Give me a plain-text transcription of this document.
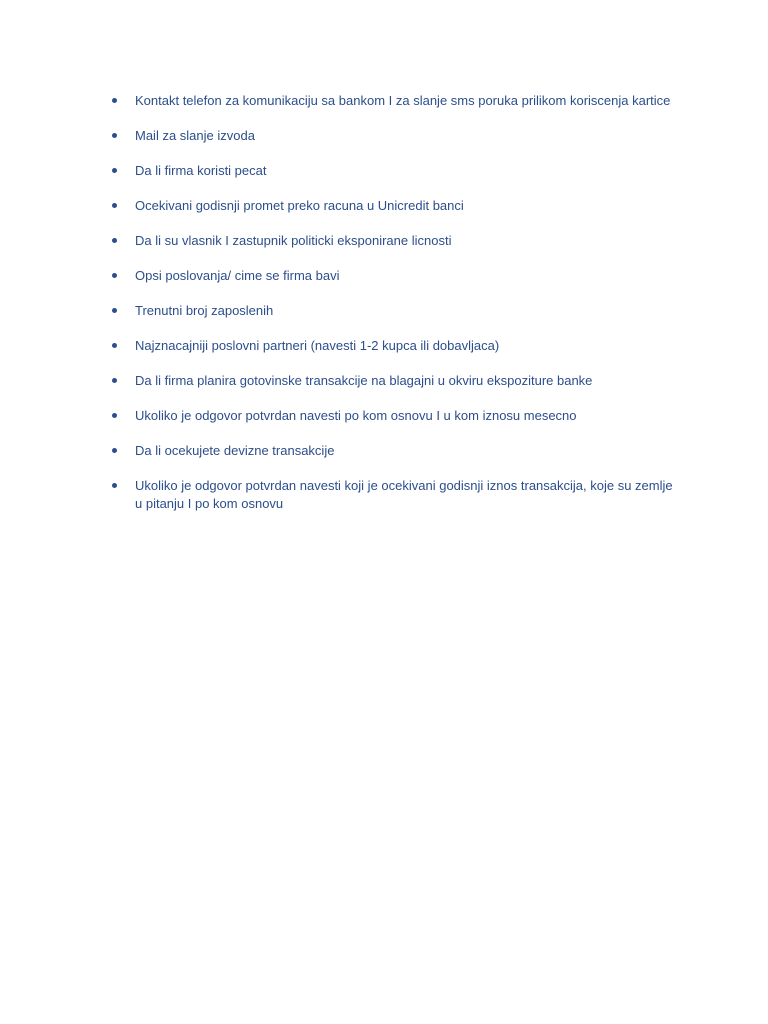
Kontakt telefon za komunikaciju sa bankom I za slanje sms poruka prilikom koriscenja kartice
Mail za slanje izvoda
Da li firma koristi pecat
Ocekivani godisnji promet preko racuna u Unicredit banci
Da li su vlasnik I zastupnik politicki eksponirane licnosti
Opsi poslovanja/ cime se firma bavi
Trenutni broj zaposlenih
Najznacajniji poslovni partneri (navesti 1-2 kupca ili dobavljaca)
Da li firma planira gotovinske transakcije na blagajni u okviru ekspoziture banke
Ukoliko je odgovor potvrdan navesti po kom osnovu I u kom iznosu mesecno
Da li ocekujete devizne transakcije
Ukoliko je odgovor potvrdan navesti koji je ocekivani godisnji iznos transakcija, koje su zemlje u pitanju I po kom osnovu
